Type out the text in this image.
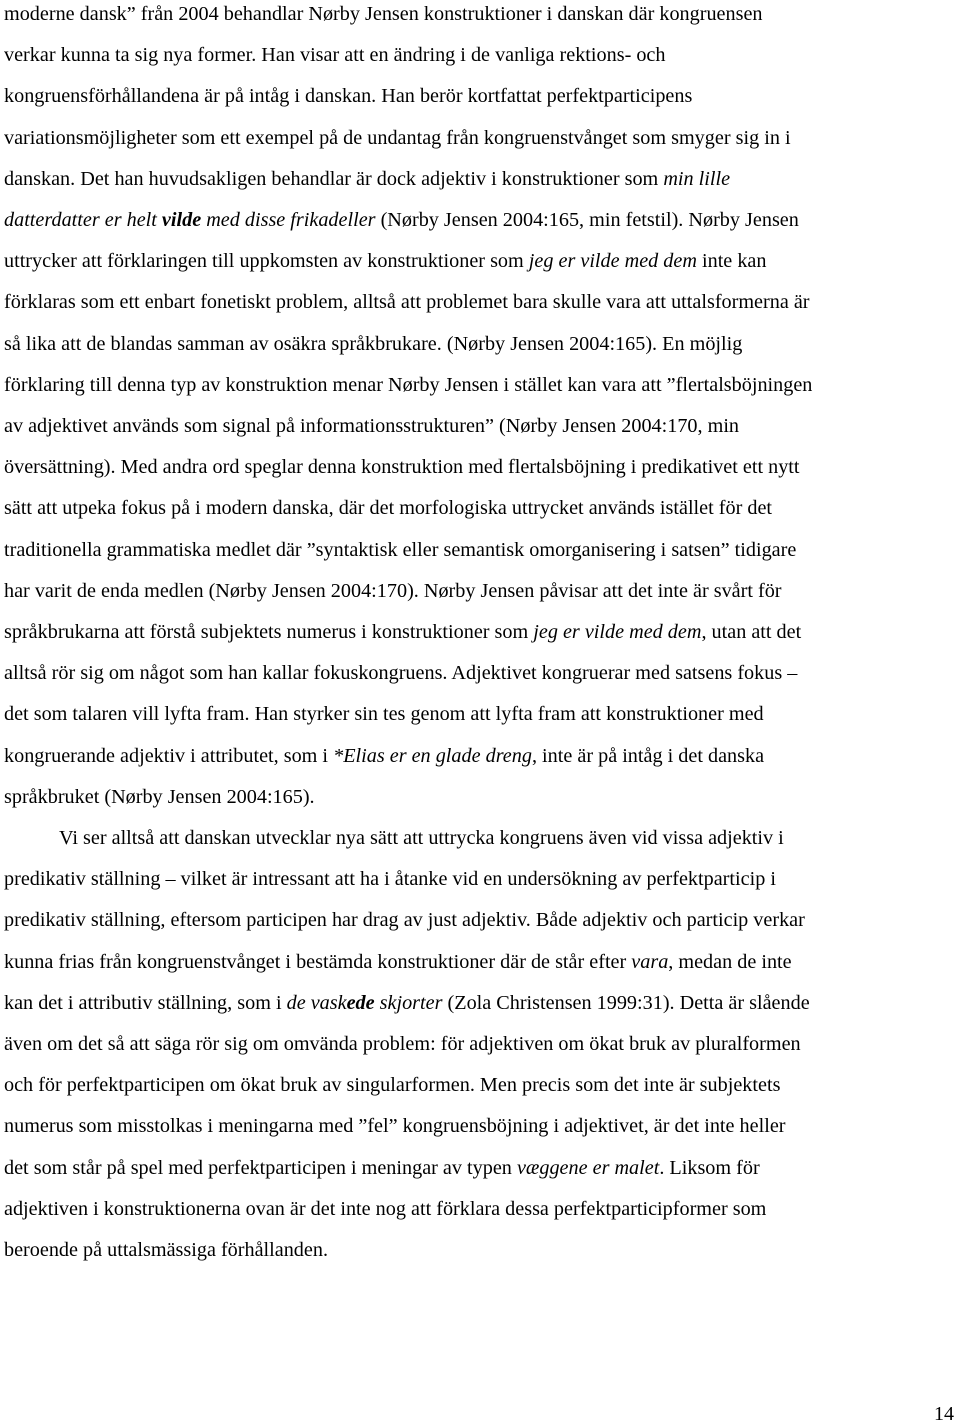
moderne dansk” från 2004 behandlar Nørby Jensen konstruktioner i danskan där kongruensen
verkar kunna ta sig nya former. Han visar att en ändring i de vanliga rektions- och
kongruensförhållandena är på intåg i danskan. Han berör kortfattat perfektparticipens
variationsmöjligheter som ett exempel på de undantag från kongruenstvånget som smyger sig in i
danskan. Det han huvudsakligen behandlar är dock adjektiv i konstruktioner som min lille
datterdatter er helt vilde med disse frikadeller (Nørby Jensen 2004:165, min fetstil). Nørby Jensen
uttrycker att förklaringen till uppkomsten av konstruktioner som jeg er vilde med dem inte kan
förklaras som ett enbart fonetiskt problem, alltså att problemet bara skulle vara att uttalsformerna är
så lika att de blandas samman av osäkra språkbrukare. (Nørby Jensen 2004:165). En möjlig
förklaring till denna typ av konstruktion menar Nørby Jensen i stället kan vara att ”flertalsböjningen
av adjektivet används som signal på informationsstrukturen” (Nørby Jensen 2004:170, min
översättning). Med andra ord speglar denna konstruktion med flertalsböjning i predikativet ett nytt
sätt att utpeka fokus på i modern danska, där det morfologiska uttrycket används istället för det
traditionella grammatiska medlet där ”syntaktisk eller semantisk omorganisering i satsen” tidigare
har varit de enda medlen (Nørby Jensen 2004:170). Nørby Jensen påvisar att det inte är svårt för
språkbrukarna att förstå subjektets numerus i konstruktioner som jeg er vilde med dem, utan att det
alltså rör sig om något som han kallar fokuskongruens. Adjektivet kongruerar med satsens fokus –
det som talaren vill lyfta fram. Han styrker sin tes genom att lyfta fram att konstruktioner med
kongruerande adjektiv i attributet, som i *Elias er en glade dreng, inte är på intåg i det danska
språkbruket (Nørby Jensen 2004:165).
Vi ser alltså att danskan utvecklar nya sätt att uttrycka kongruens även vid vissa adjektiv i
predikativ ställning – vilket är intressant att ha i åtanke vid en undersökning av perfektparticip i
predikativ ställning, eftersom participen har drag av just adjektiv. Både adjektiv och particip verkar
kunna frias från kongruenstvånget i bestämda konstruktioner där de står efter vara, medan de inte
kan det i attributiv ställning, som i de vaskede skjorter (Zola Christensen 1999:31). Detta är slående
även om det så att säga rör sig om omvända problem: för adjektiven om ökat bruk av pluralformen
och för perfektparticipen om ökat bruk av singularformen. Men precis som det inte är subjektets
numerus som misstolkas i meningarna med ”fel” kongruensböjning i adjektivet, är det inte heller
det som står på spel med perfektparticipen i meningar av typen væggene er malet. Liksom för
adjektiven i konstruktionerna ovan är det inte nog att förklara dessa perfektparticipformer som
beroende på uttalsmässiga förhållanden.
14
